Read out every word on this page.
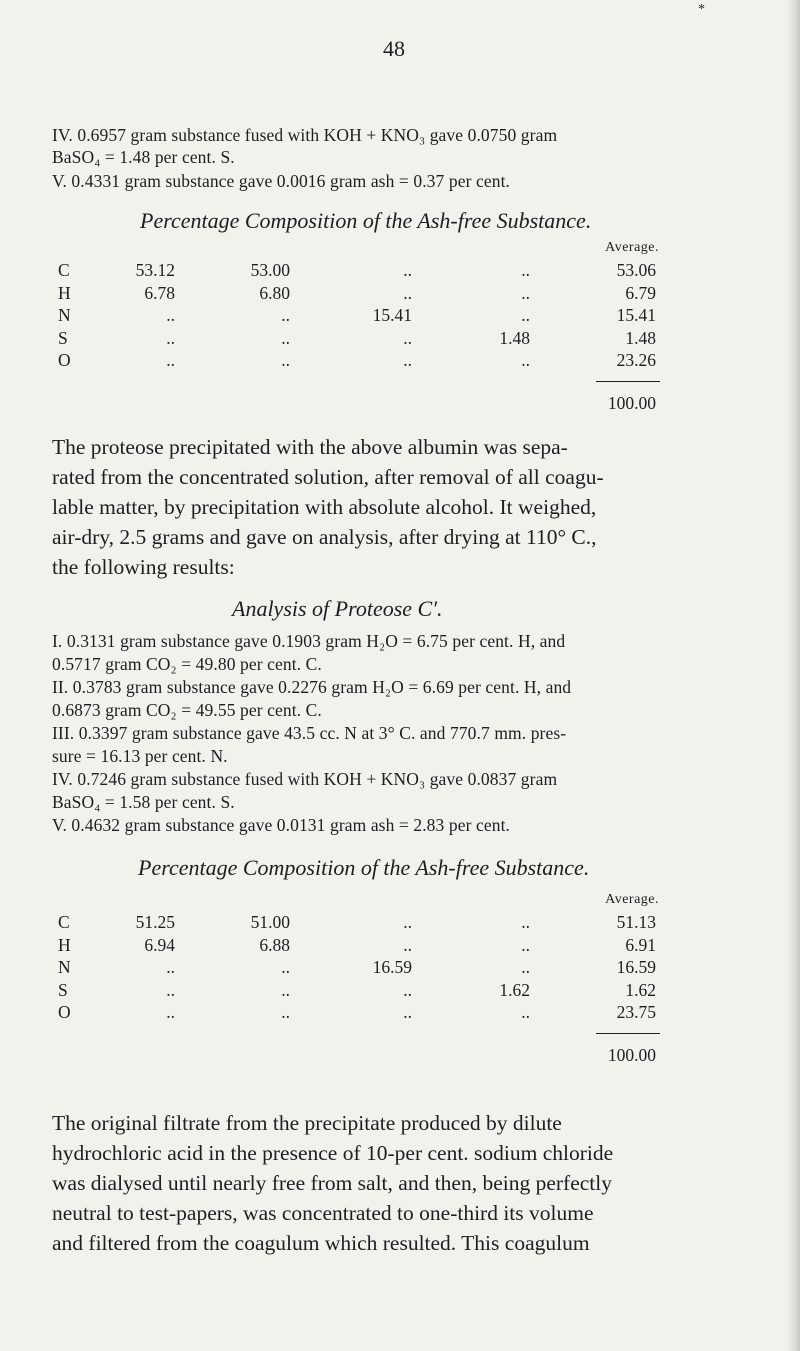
*
48
IV. 0.6957 gram substance fused with KOH + KNO₃ gave 0.0750 gram
BaSO₄ = 1.48 per cent. S.
V. 0.4331 gram substance gave 0.0016 gram ash = 0.37 per cent.
Percentage Composition of the Ash-free Substance.
Average.
C	53.12	53.00	..	..	53.06
H	6.78	6.80	..	..	6.79
N	..	..	15.41	..	15.41
S	..	..	..	1.48	1.48
O	..	..	..	..	23.26
100.00
The proteose precipitated with the above albumin was sepa-
rated from the concentrated solution, after removal of all coagu-
lable matter, by precipitation with absolute alcohol. It weighed,
air-dry, 2.5 grams and gave on analysis, after drying at 110° C.,
the following results:
Analysis of Proteose C′.
I. 0.3131 gram substance gave 0.1903 gram H₂O = 6.75 per cent. H, and
0.5717 gram CO₂ = 49.80 per cent. C.
II. 0.3783 gram substance gave 0.2276 gram H₂O = 6.69 per cent. H, and
0.6873 gram CO₂ = 49.55 per cent. C.
III. 0.3397 gram substance gave 43.5 cc. N at 3° C. and 770.7 mm. pres-
sure = 16.13 per cent. N.
IV. 0.7246 gram substance fused with KOH + KNO₃ gave 0.0837 gram
BaSO₄ = 1.58 per cent. S.
V. 0.4632 gram substance gave 0.0131 gram ash = 2.83 per cent.
Percentage Composition of the Ash-free Substance.
Average.
C	51.25	51.00	..	..	51.13
H	6.94	6.88	..	..	6.91
N	..	..	16.59	..	16.59
S	..	..	..	1.62	1.62
O	..	..	..	..	23.75
100.00
The original filtrate from the precipitate produced by dilute
hydrochloric acid in the presence of 10-per cent. sodium chloride
was dialysed until nearly free from salt, and then, being perfectly
neutral to test-papers, was concentrated to one-third its volume
and filtered from the coagulum which resulted. This coagulum
